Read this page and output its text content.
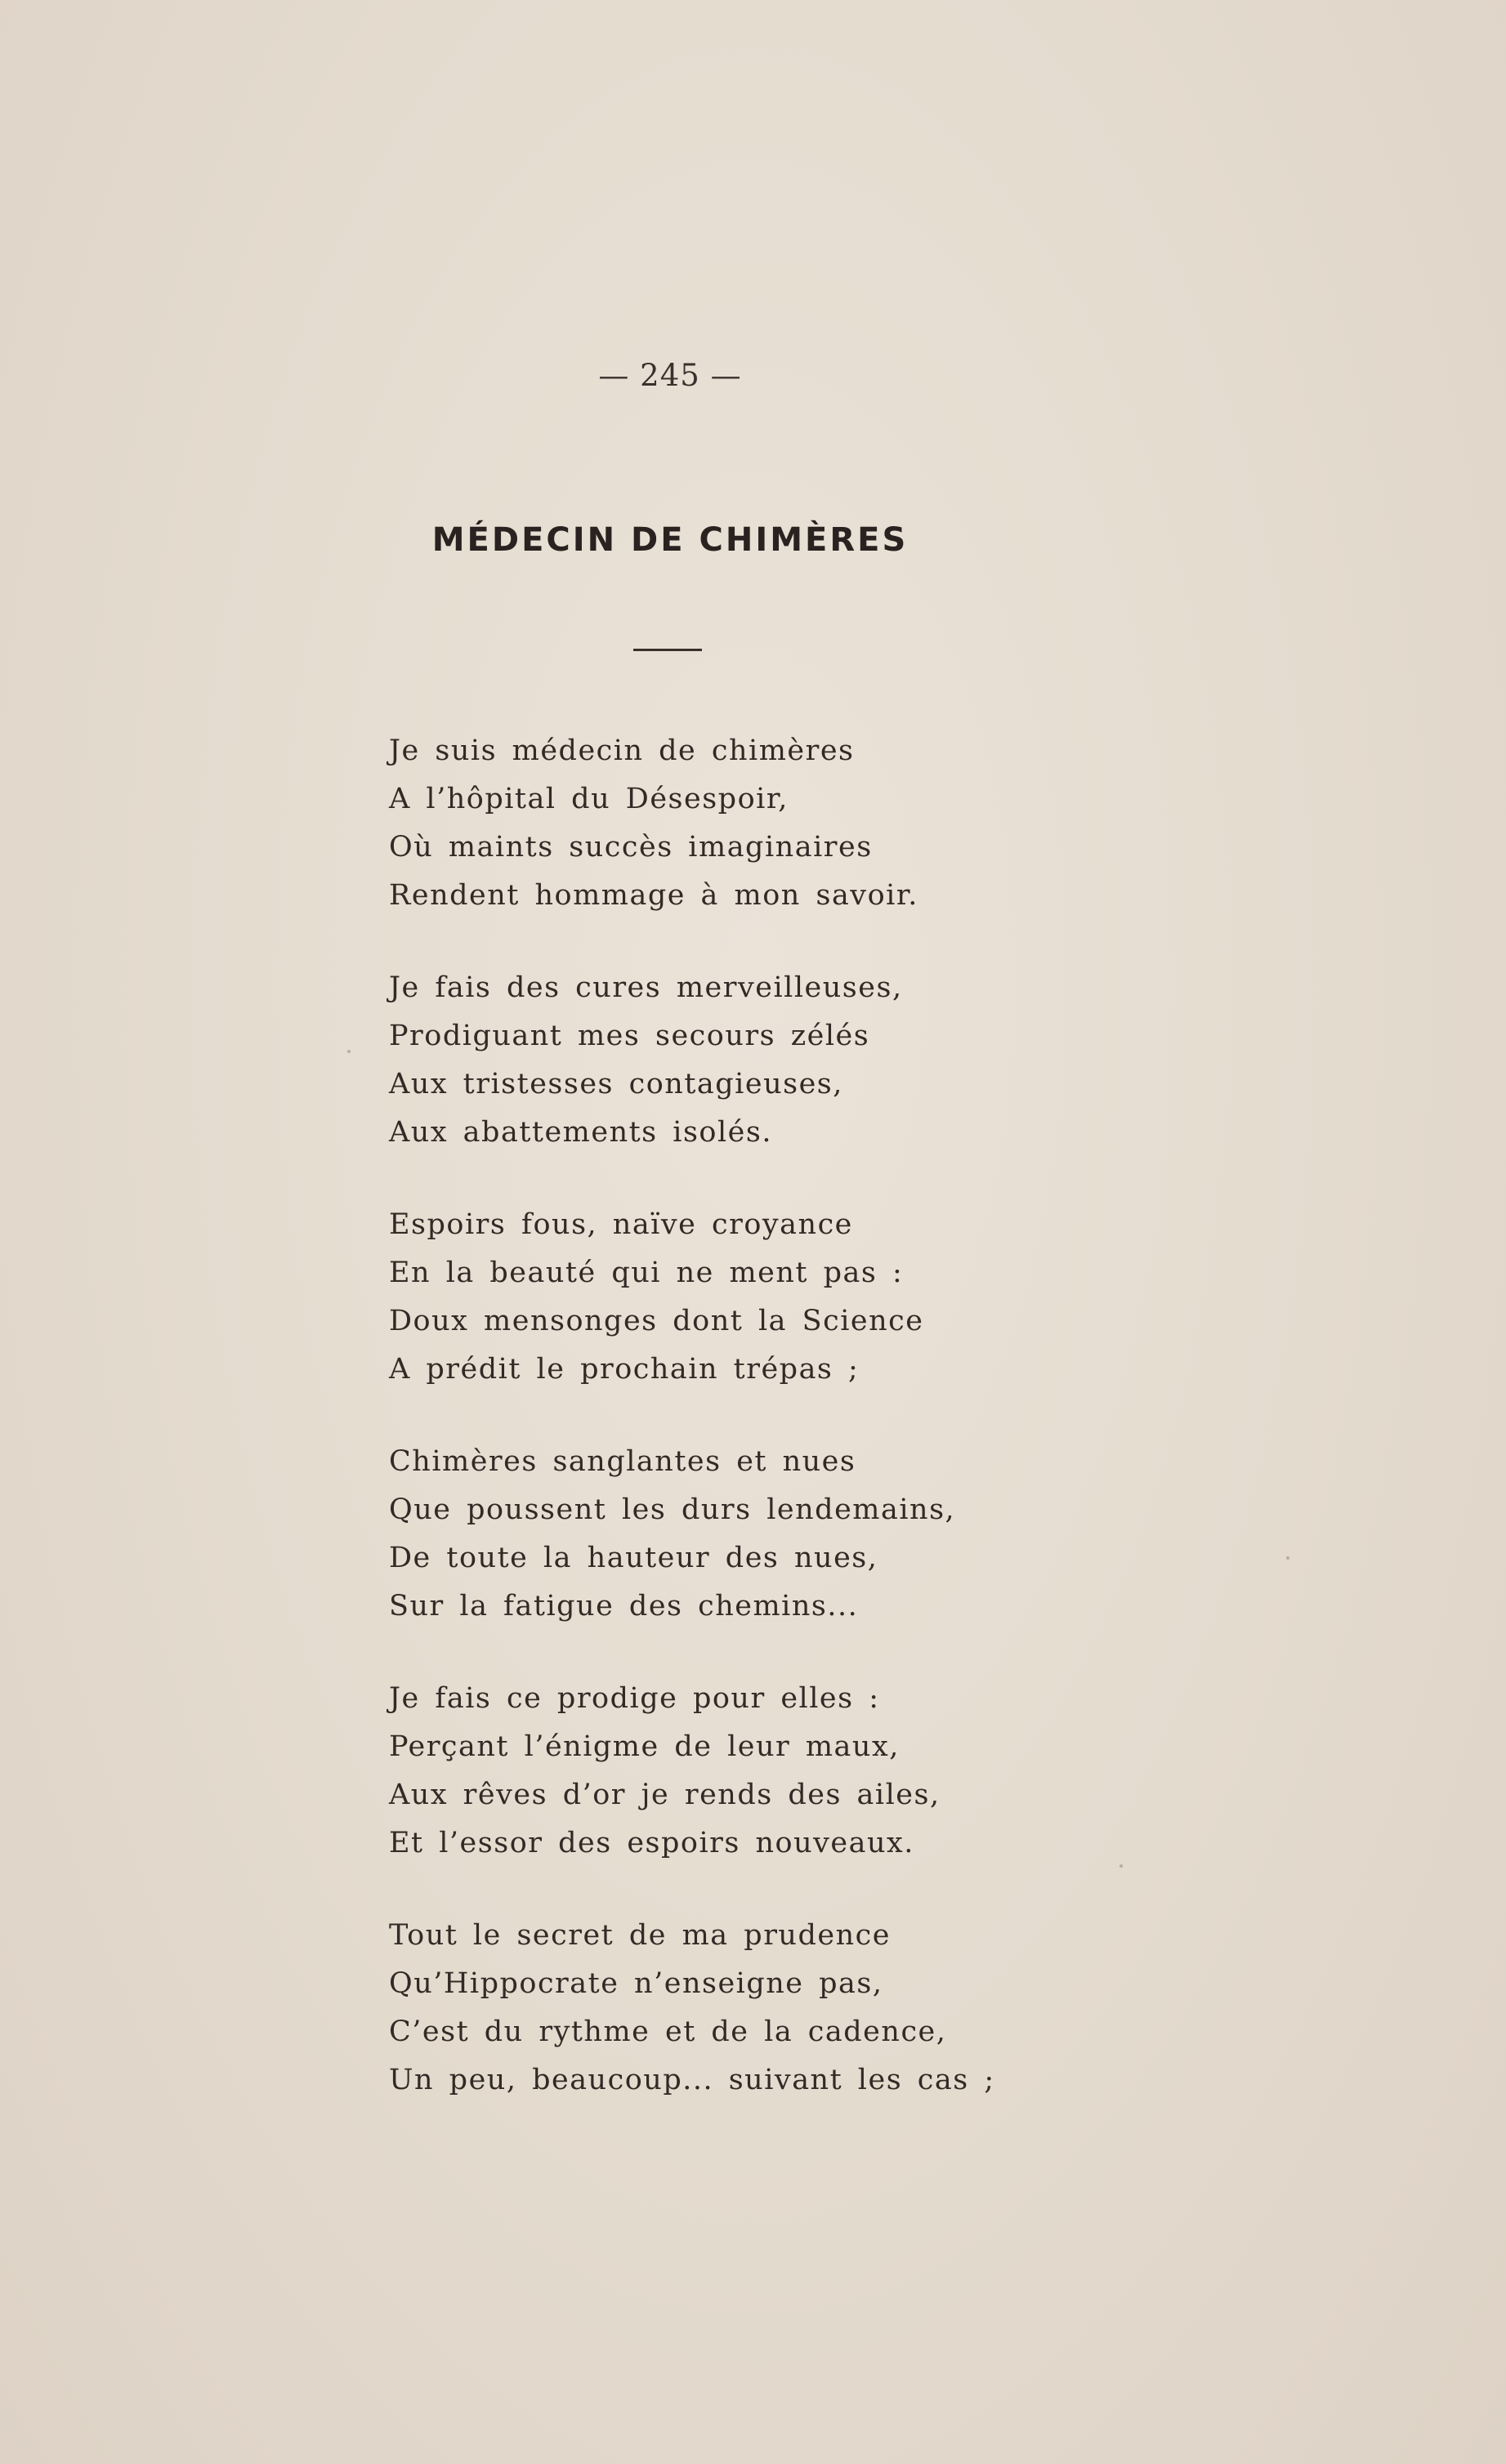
— 245 —
MÉDECIN DE CHIMÈRES
Je suis médecin de chimères
A l’hôpital du Désespoir,
Où maints succès imaginaires
Rendent hommage à mon savoir.
Je fais des cures merveilleuses,
Prodiguant mes secours zélés
Aux tristesses contagieuses,
Aux abattements isolés.
Espoirs fous, naïve croyance
En la beauté qui ne ment pas :
Doux mensonges dont la Science
A prédit le prochain trépas ;
Chimères sanglantes et nues
Que poussent les durs lendemains,
De toute la hauteur des nues,
Sur la fatigue des chemins...
Je fais ce prodige pour elles :
Perçant l’énigme de leur maux,
Aux rêves d’or je rends des ailes,
Et l’essor des espoirs nouveaux.
Tout le secret de ma prudence
Qu’Hippocrate n’enseigne pas,
C’est du rythme et de la cadence,
Un peu, beaucoup... suivant les cas ;
